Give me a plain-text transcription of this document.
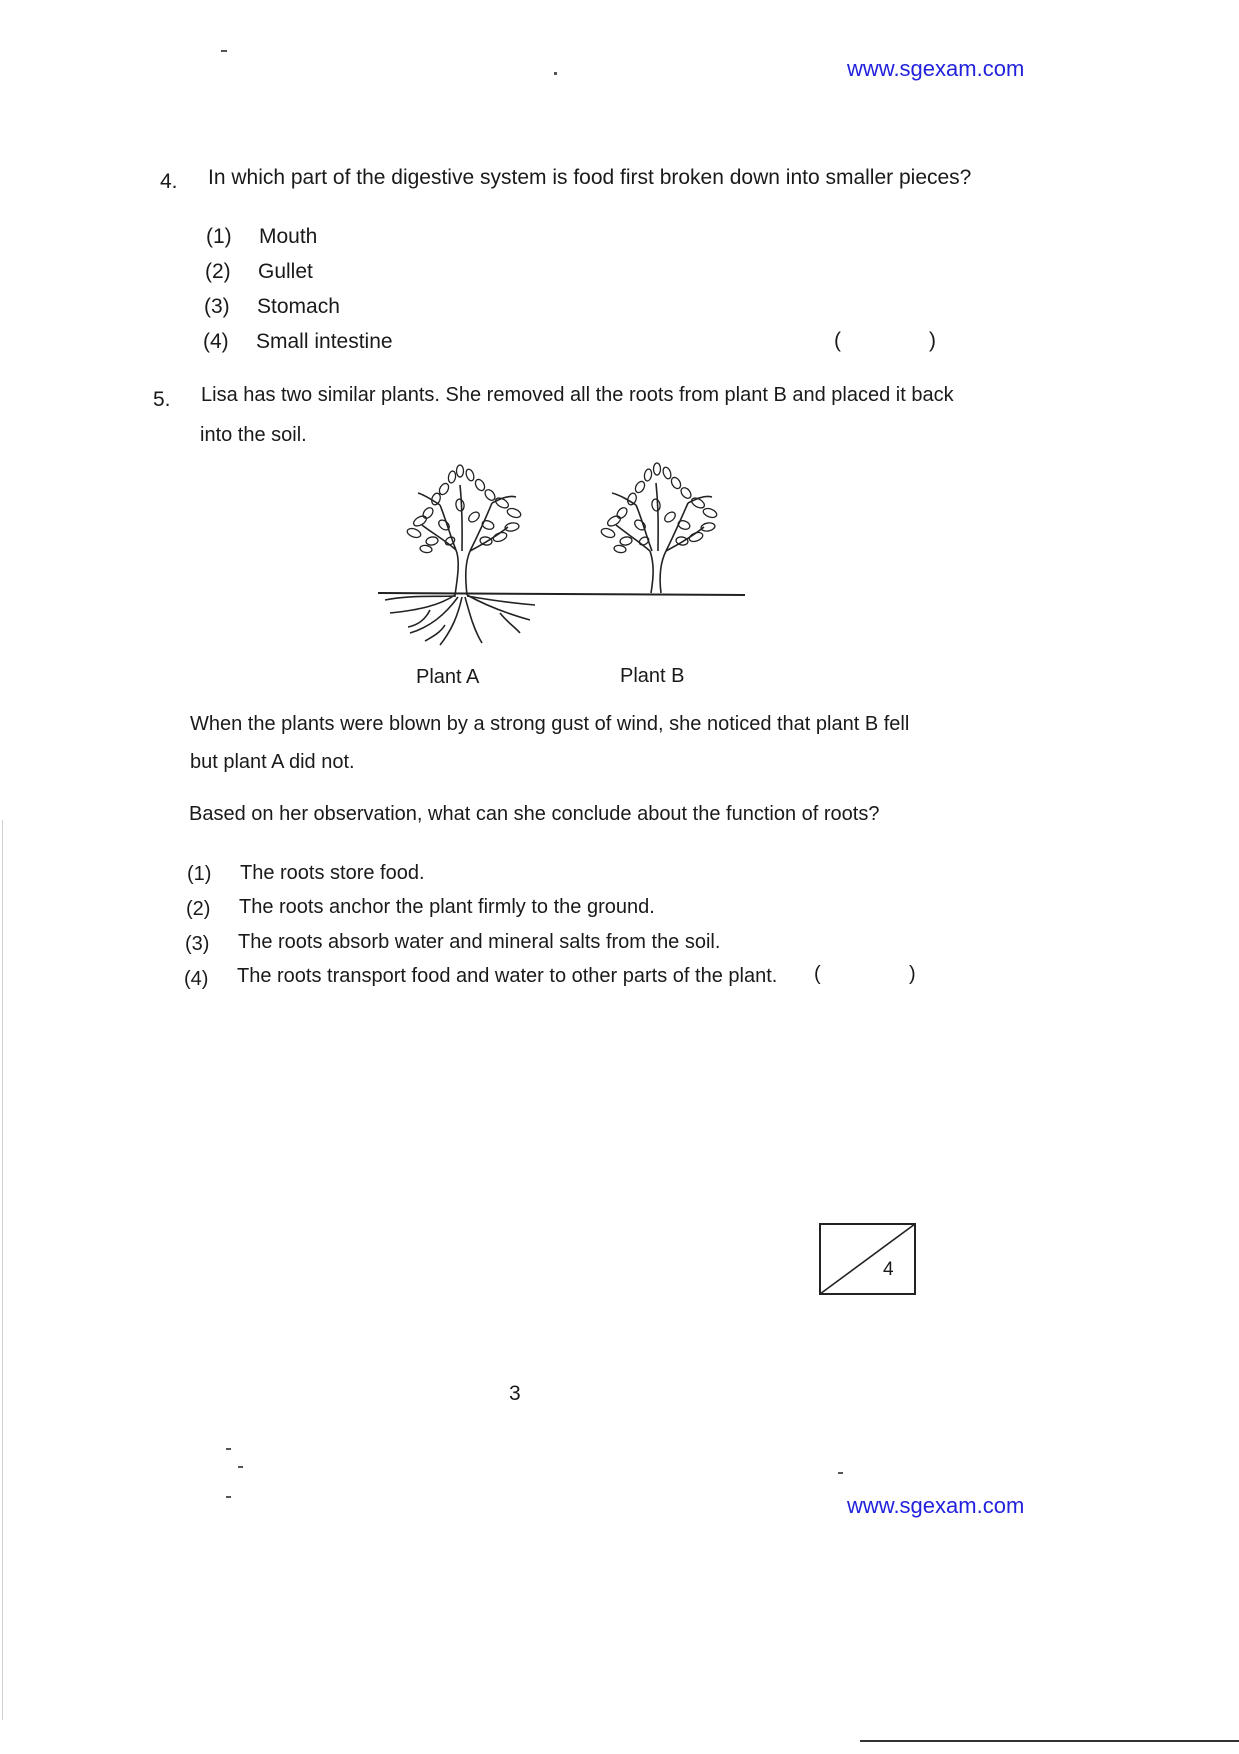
www.sgexam.com
4. In which part of the digestive system is food first broken down into smaller pieces?
(1) Mouth
(2) Gullet
(3) Stomach
(4) Small intestine	(	)
5. Lisa has two similar plants. She removed all the roots from plant B and placed it back
into the soil.
Plant A	Plant B
When the plants were blown by a strong gust of wind, she noticed that plant B fell
but plant A did not.
Based on her observation, what can she conclude about the function of roots?
(1) The roots store food.
(2) The roots anchor the plant firmly to the ground.
(3) The roots absorb water and mineral salts from the soil.
(4) The roots transport food and water to other parts of the plant. (	)
4
3
www.sgexam.com
